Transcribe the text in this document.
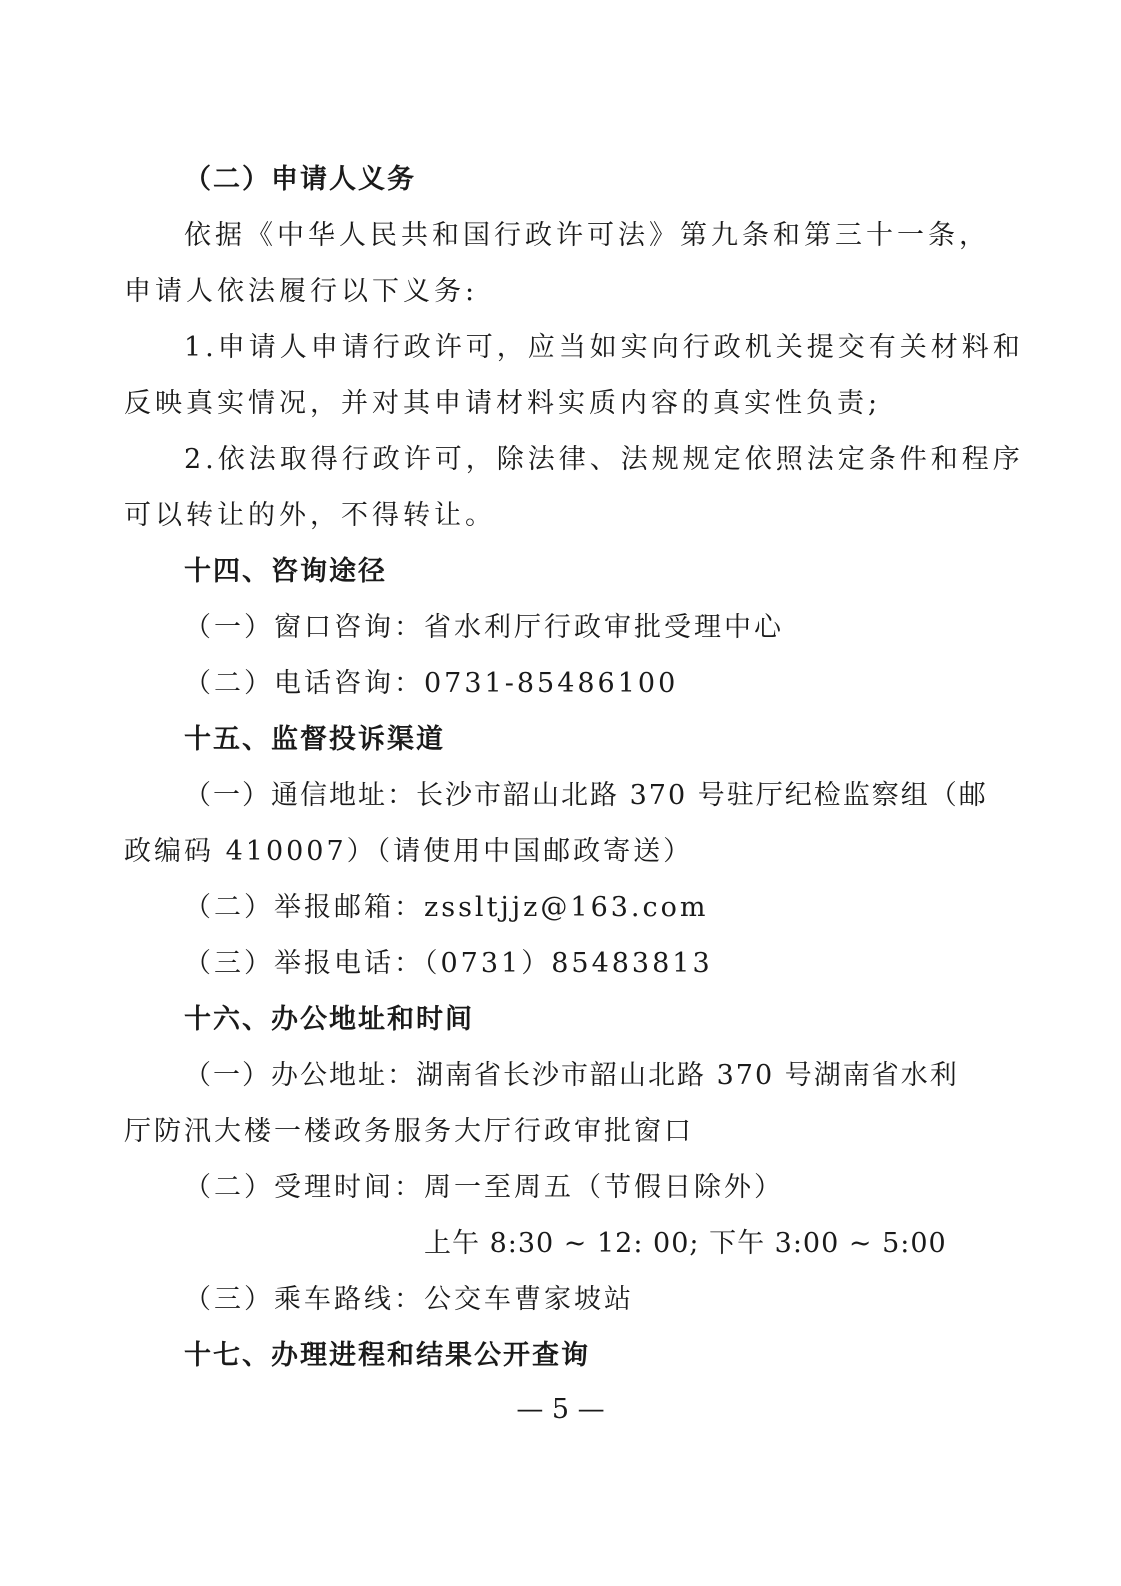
（二）申请人义务
依据《中华人民共和国行政许可法》第九条和第三十一条，
申请人依法履行以下义务:
1.申请人申请行政许可，应当如实向行政机关提交有关材料和
反映真实情况，并对其申请材料实质内容的真实性负责;
2.依法取得行政许可，除法律、法规规定依照法定条件和程序
可以转让的外，不得转让。
十四、咨询途径
（一）窗口咨询：省水利厅行政审批受理中心
（二）电话咨询：0731-85486100
十五、监督投诉渠道
（一）通信地址：长沙市韶山北路 370 号驻厅纪检监察组（邮
政编码 410007）（请使用中国邮政寄送）
（二）举报邮箱：zssltjjz@163.com
（三）举报电话：（0731）85483813
十六、办公地址和时间
（一）办公地址：湖南省长沙市韶山北路 370 号湖南省水利
厅防汛大楼一楼政务服务大厅行政审批窗口
（二）受理时间：周一至周五（节假日除外）
上午 8:30 ~ 12: 00; 下午 3:00 ~ 5:00
（三）乘车路线：公交车曹家坡站
十七、办理进程和结果公开查询
— 5 —
